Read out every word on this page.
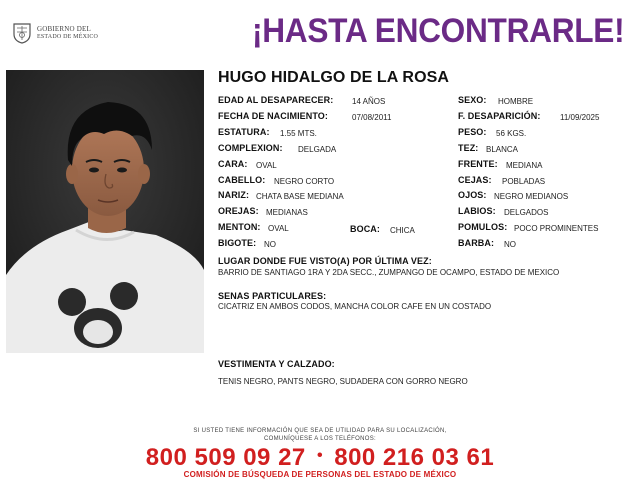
GOBIERNO DEL
ESTADO DE MÉXICO	¡HASTA ENCONTRARLE!
HUGO HIDALGO DE LA ROSA
EDAD AL DESAPARECER: 14 AÑOS
FECHA DE NACIMIENTO:	07/08/2011
ESTATURA: 1.55 MTS.
COMPLEXION: DELGADA
CARA: OVAL
CABELLO: NEGRO CORTO
NARIZ: CHATA BASE MEDIANA
OREJAS: MEDIANAS
MENTON: OVAL	BOCA: CHICA
BIGOTE: NO
SEXO: HOMBRE
F. DESAPARICIÓN: 11/09/2025
PESO: 56 KGS.
TEZ: BLANCA
FRENTE: MEDIANA
CEJAS: POBLADAS
OJOS: NEGRO MEDIANOS
LABIOS: DELGADOS
POMULOS: POCO PROMINENTES
BARBA: NO
LUGAR DONDE FUE VISTO(A) POR ÚLTIMA VEZ:
BARRIO DE SANTIAGO 1RA Y 2DA SECC., ZUMPANGO DE OCAMPO, ESTADO DE MEXICO
SENAS PARTICULARES:
CICATRIZ EN AMBOS CODOS, MANCHA COLOR CAFE EN UN COSTADO
VESTIMENTA Y CALZADO:
TENIS NEGRO, PANTS NEGRO, SUDADERA CON GORRO NEGRO
SI USTED TIENE INFORMACIÓN QUE SEA DE UTILIDAD PARA SU LOCALIZACIÓN,
COMUNÍQUESE A LOS TELÉFONOS:
800 509 09 27 • 800 216 03 61
COMISIÓN DE BÚSQUEDA DE PERSONAS DEL ESTADO DE MÉXICO
